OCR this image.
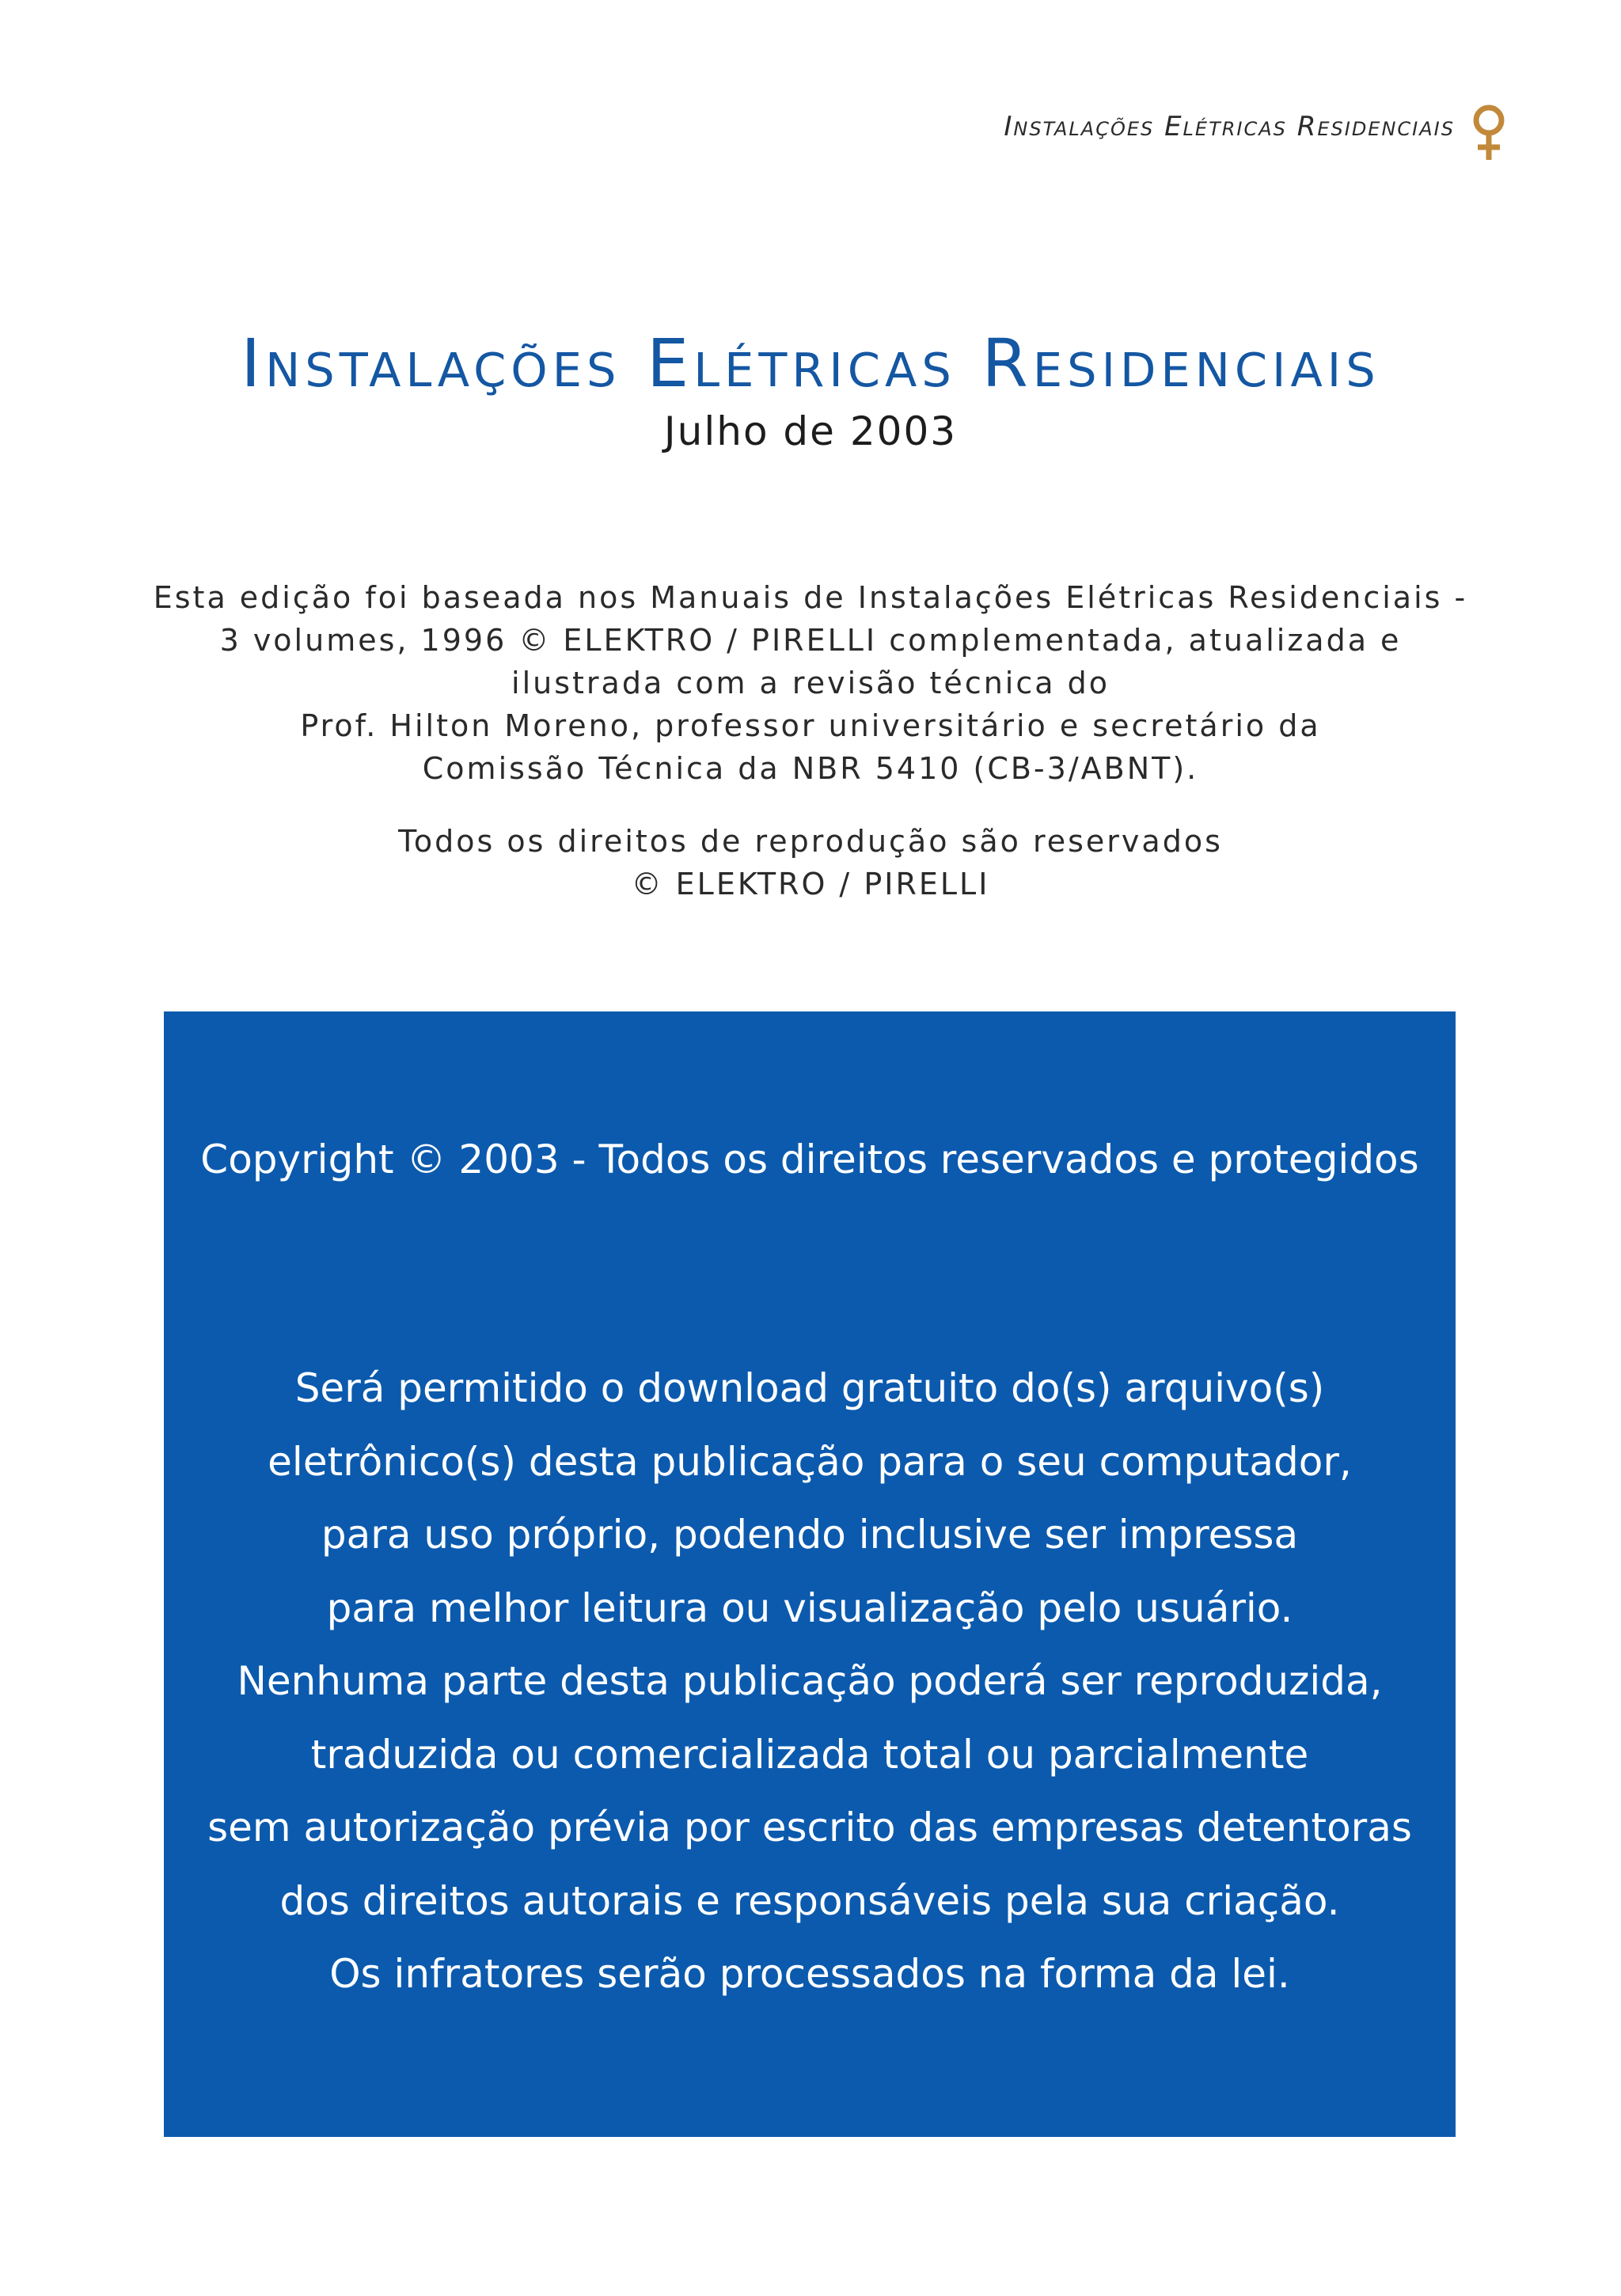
Instalações Elétricas Residenciais
Instalações Elétricas Residenciais
Julho de 2003
Esta edição foi baseada nos Manuais de Instalações Elétricas Residenciais -
3 volumes, 1996 © ELEKTRO / PIRELLI complementada, atualizada e
ilustrada com a revisão técnica do
Prof. Hilton Moreno, professor universitário e secretário da
Comissão Técnica da NBR 5410 (CB-3/ABNT).
Todos os direitos de reprodução são reservados
© ELEKTRO / PIRELLI
Copyright © 2003 - Todos os direitos reservados e protegidos
Será permitido o download gratuito do(s) arquivo(s)
eletrônico(s) desta publicação para o seu computador,
para uso próprio, podendo inclusive ser impressa
para melhor leitura ou visualização pelo usuário.
Nenhuma parte desta publicação poderá ser reproduzida,
traduzida ou comercializada total ou parcialmente
sem autorização prévia por escrito das empresas detentoras
dos direitos autorais e responsáveis pela sua criação.
Os infratores serão processados na forma da lei.
